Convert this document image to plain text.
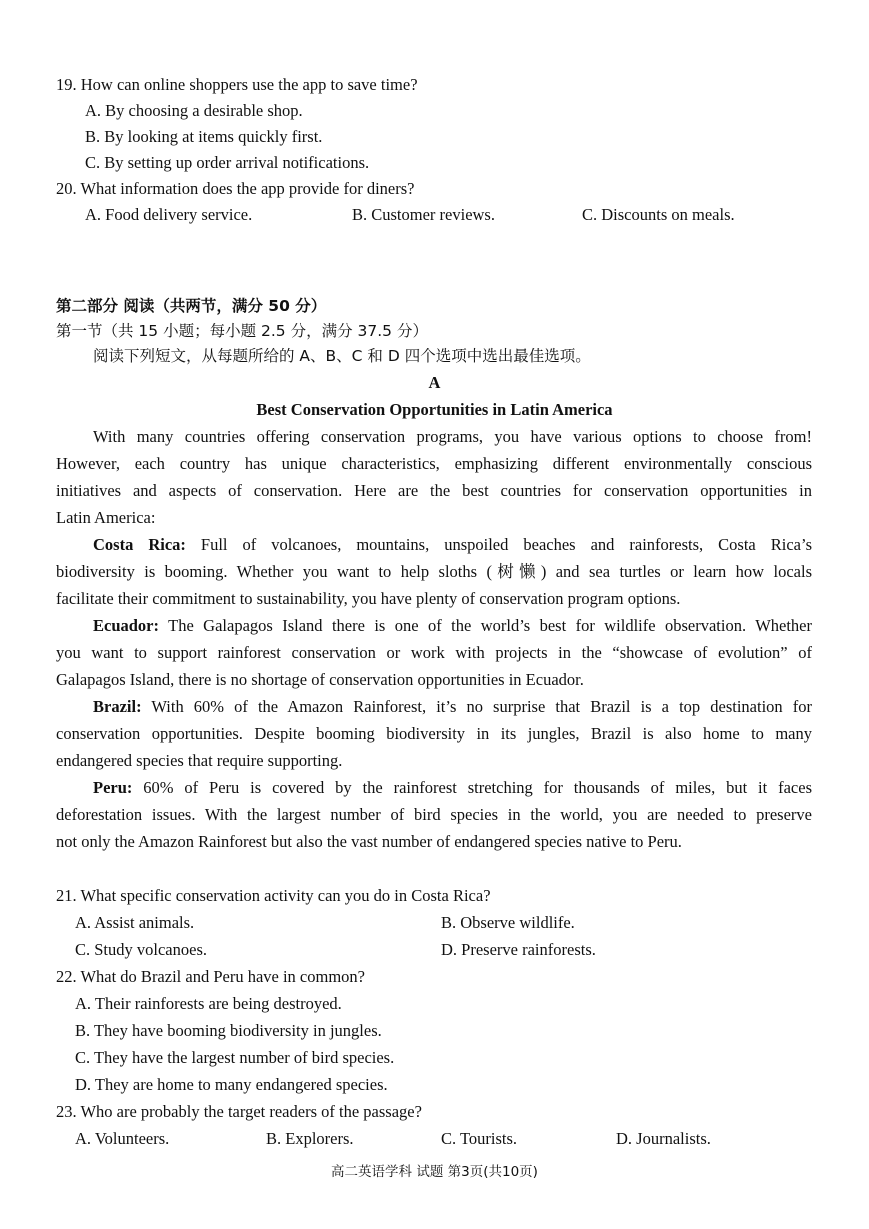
19. How can online shoppers use the app to save time?
A. By choosing a desirable shop.
B. By looking at items quickly first.
C. By setting up order arrival notifications.
20. What information does the app provide for diners?
A. Food delivery service.	B. Customer reviews.	C. Discounts on meals.
第二部分 阅读（共两节，满分 50 分）
第一节（共 15 小题；每小题 2.5 分，满分 37.5 分）
阅读下列短文，从每题所给的 A、B、C 和 D 四个选项中选出最佳选项。
A
Best Conservation Opportunities in Latin America
With many countries offering conservation programs, you have various options to choose from!
However, each country has unique characteristics, emphasizing different environmentally conscious
initiatives and aspects of conservation. Here are the best countries for conservation opportunities in
Latin America:
Costa Rica: Full of volcanoes, mountains, unspoiled beaches and rainforests, Costa Rica’s
biodiversity is booming. Whether you want to help sloths (树懒) and sea turtles or learn how locals
facilitate their commitment to sustainability, you have plenty of conservation program options.
Ecuador: The Galapagos Island there is one of the world’s best for wildlife observation. Whether
you want to support rainforest conservation or work with projects in the “showcase of evolution” of
Galapagos Island, there is no shortage of conservation opportunities in Ecuador.
Brazil: With 60% of the Amazon Rainforest, it’s no surprise that Brazil is a top destination for
conservation opportunities. Despite booming biodiversity in its jungles, Brazil is also home to many
endangered species that require supporting.
Peru: 60% of Peru is covered by the rainforest stretching for thousands of miles, but it faces
deforestation issues. With the largest number of bird species in the world, you are needed to preserve
not only the Amazon Rainforest but also the vast number of endangered species native to Peru.
21. What specific conservation activity can you do in Costa Rica?
A. Assist animals.	B. Observe wildlife.
C. Study volcanoes.	D. Preserve rainforests.
22. What do Brazil and Peru have in common?
A. Their rainforests are being destroyed.
B. They have booming biodiversity in jungles.
C. They have the largest number of bird species.
D. They are home to many endangered species.
23. Who are probably the target readers of the passage?
A. Volunteers.	B. Explorers.	C. Tourists.	D. Journalists.
高二英语学科 试题 第3页(共10页)
